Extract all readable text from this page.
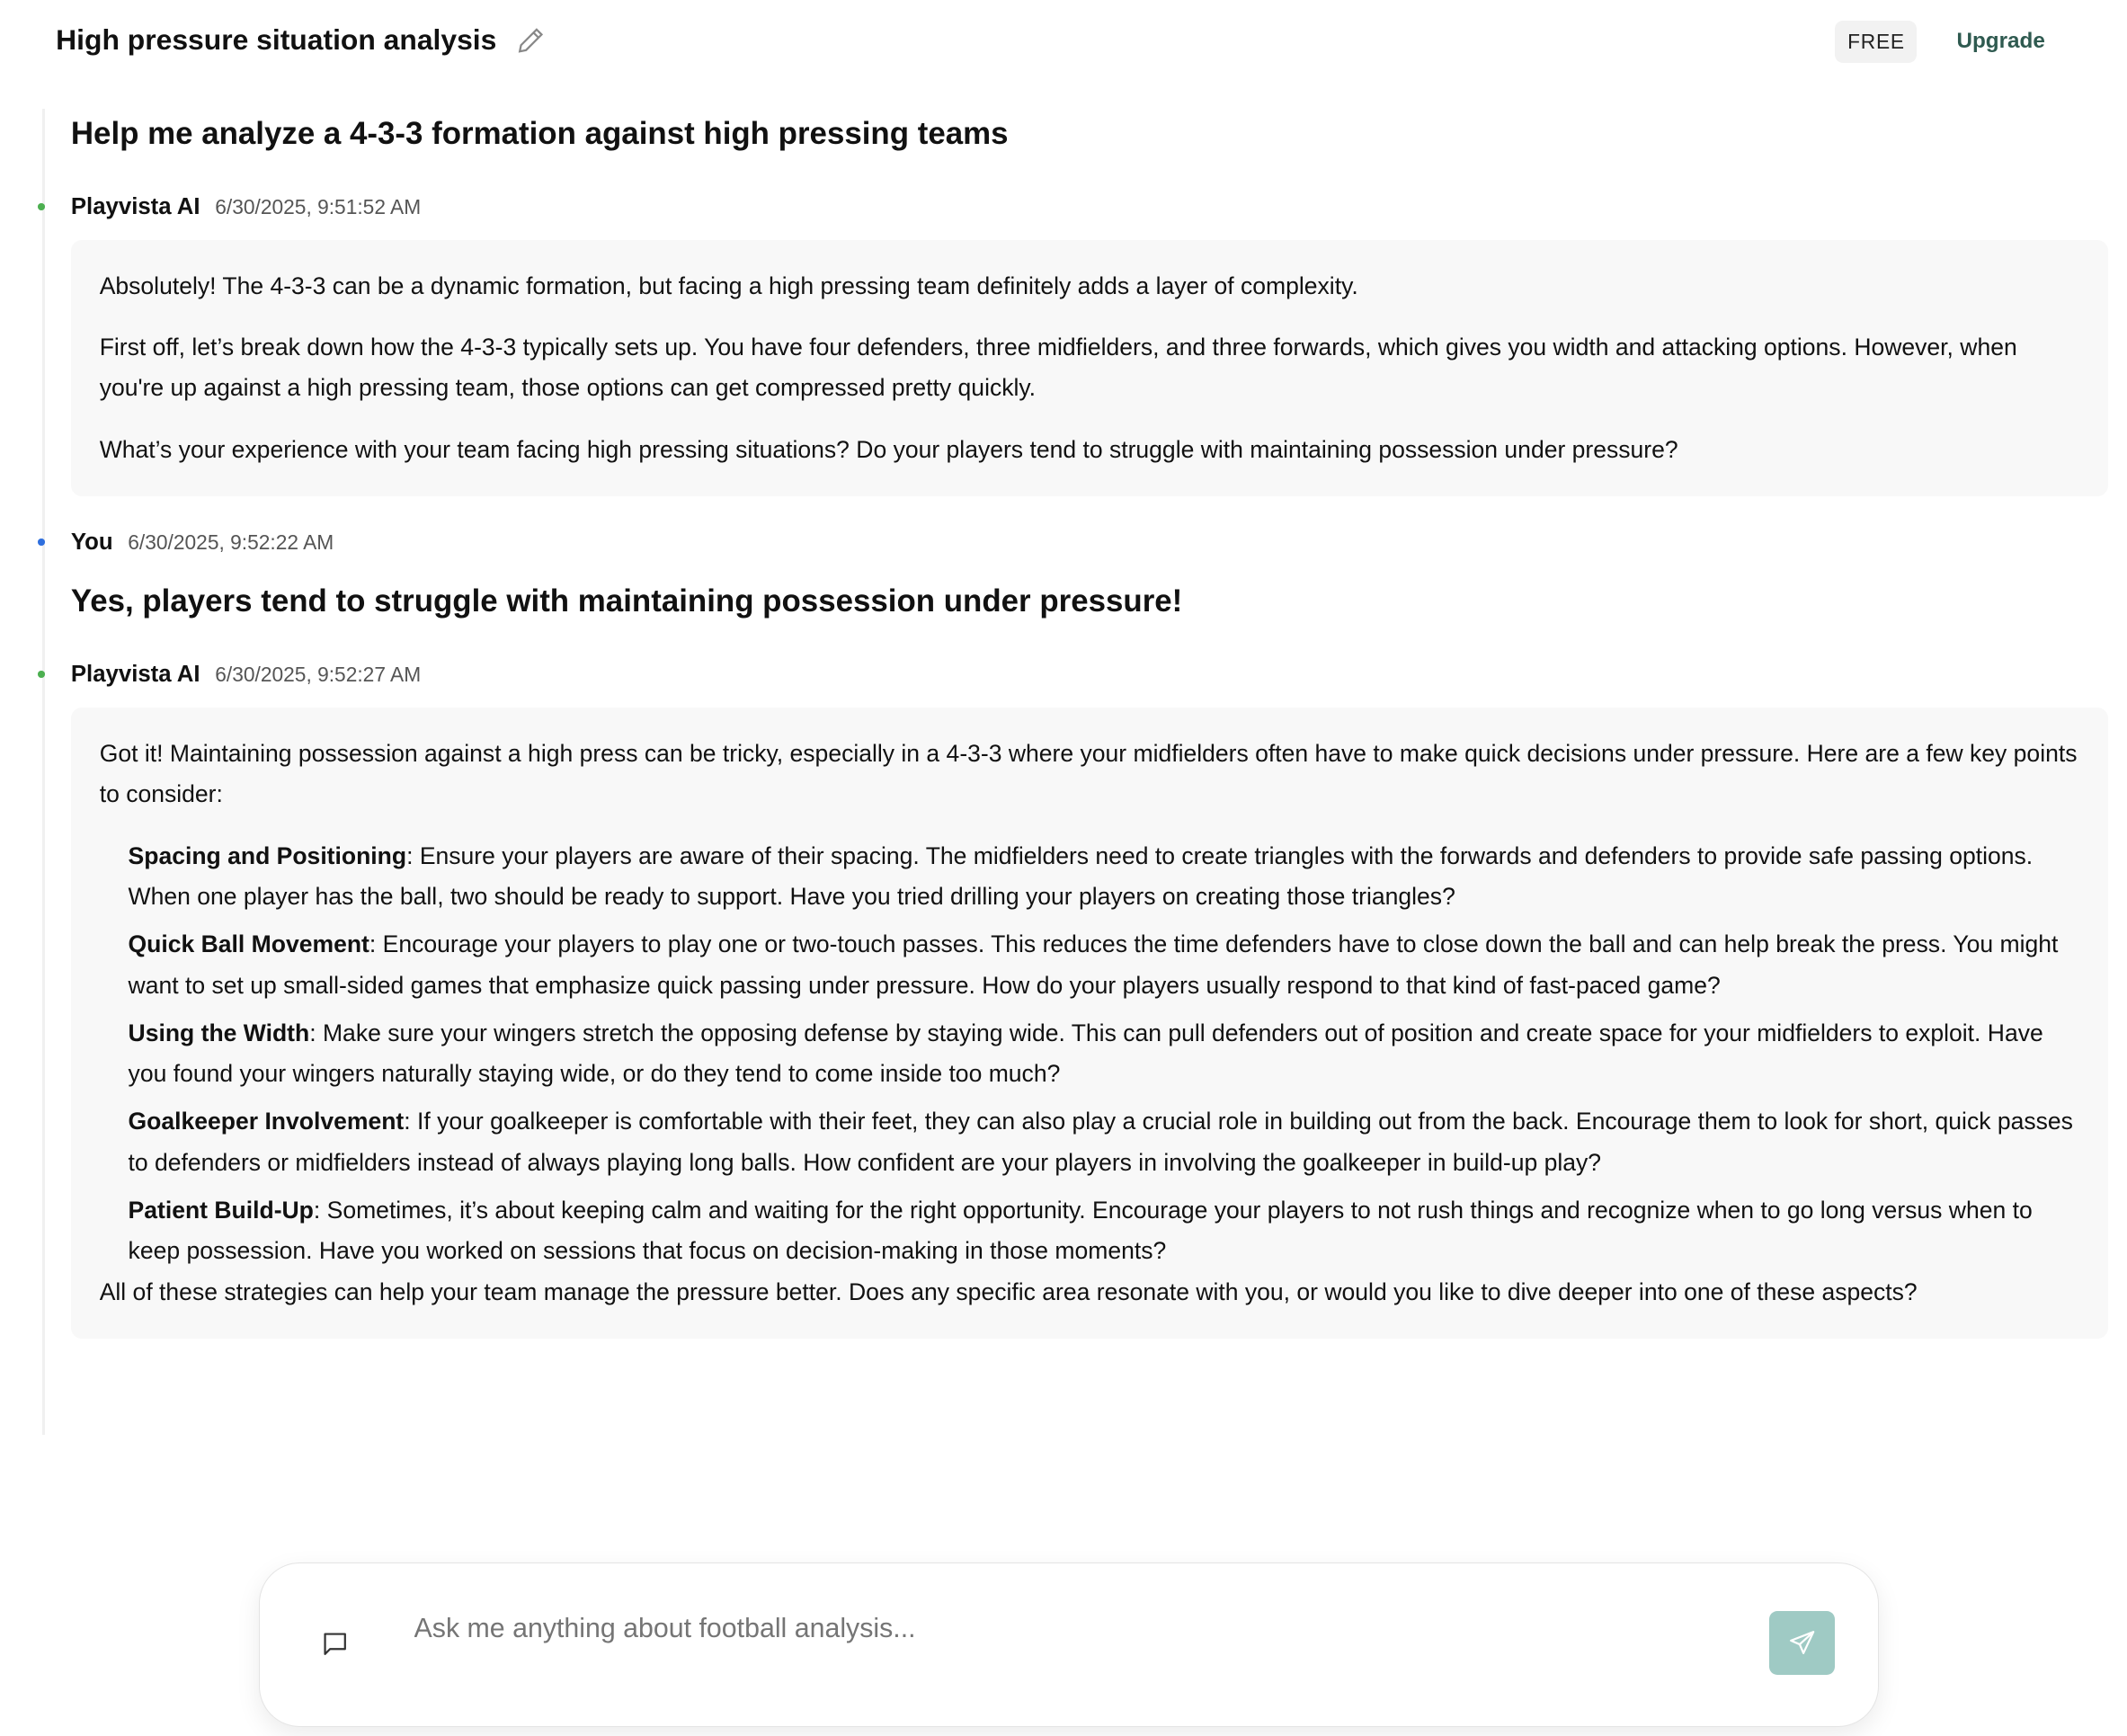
High pressure situation analysis	FREE	Upgrade
Help me analyze a 4-3-3 formation against high pressing teams
Playvista AI 6/30/2025, 9:51:52 AM

Absolutely! The 4-3-3 can be a dynamic formation, but facing a high pressing team definitely adds a layer of complexity.

First off, let’s break down how the 4-3-3 typically sets up. You have four defenders, three midfielders, and three forwards, which gives you width and attacking options. However, when you're up against a high pressing team, those options can get compressed pretty quickly.

What’s your experience with your team facing high pressing situations? Do your players tend to struggle with maintaining possession under pressure?

You 6/30/2025, 9:52:22 AM
Yes, players tend to struggle with maintaining possession under pressure!
Playvista AI 6/30/2025, 9:52:27 AM

Got it! Maintaining possession against a high press can be tricky, especially in a 4-3-3 where your midfielders often have to make quick decisions under pressure. Here are a few key points to consider:

Spacing and Positioning: Ensure your players are aware of their spacing. The midfielders need to create triangles with the forwards and defenders to provide safe passing options. When one player has the ball, two should be ready to support. Have you tried drilling your players on creating those triangles?
Quick Ball Movement: Encourage your players to play one or two-touch passes. This reduces the time defenders have to close down the ball and can help break the press. You might want to set up small-sided games that emphasize quick passing under pressure. How do your players usually respond to that kind of fast-paced game?
Using the Width: Make sure your wingers stretch the opposing defense by staying wide. This can pull defenders out of position and create space for your midfielders to exploit. Have you found your wingers naturally staying wide, or do they tend to come inside too much?
Goalkeeper Involvement: If your goalkeeper is comfortable with their feet, they can also play a crucial role in building out from the back. Encourage them to look for short, quick passes to defenders or midfielders instead of always playing long balls. How confident are your players in involving the goalkeeper in build-up play?
Patient Build-Up: Sometimes, it’s about keeping calm and waiting for the right opportunity. Encourage your players to not rush things and recognize when to go long versus when to keep possession. Have you worked on sessions that focus on decision-making in those moments?

All of these strategies can help your team manage the pressure better. Does any specific area resonate with you, or would you like to dive deeper into one of these aspects?

Ask me anything about football analysis...
